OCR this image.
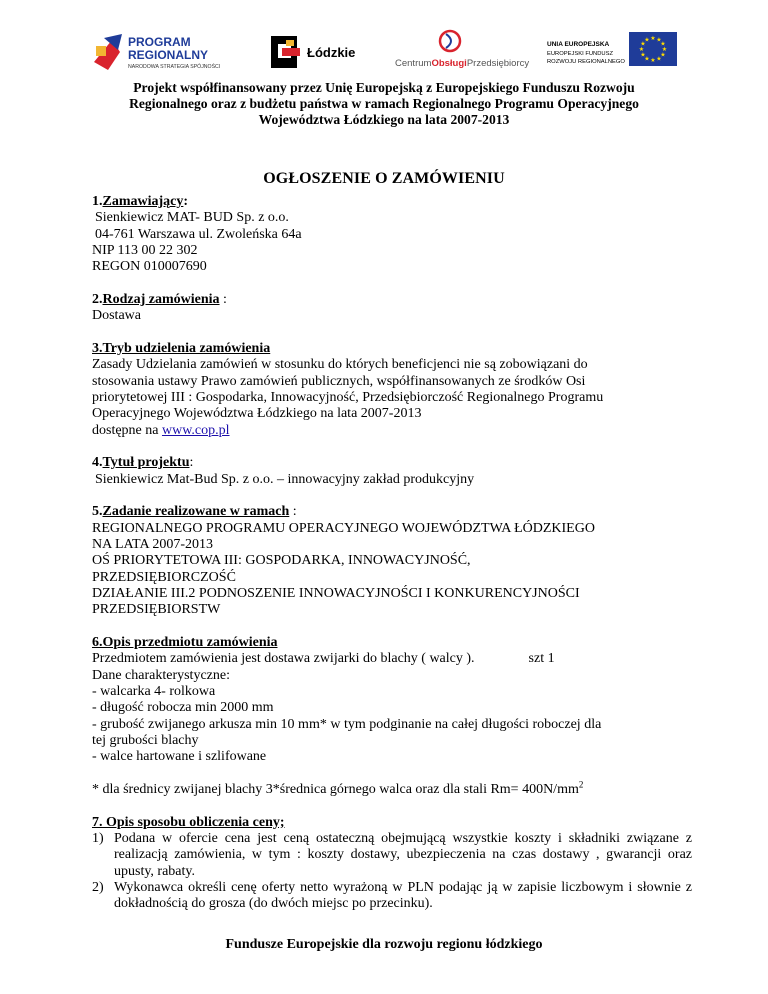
PROGRAM
REGIONALNY
NARODOWA STRATEGIA SPÓJNOŚCI
Łódzkie
CentrumObsługiPrzedsiębiorcy
UNIA EUROPEJSKA
EUROPEJSKI FUNDUSZ
ROZWOJU REGIONALNEGO
★ ★
★
★
★
★
★
★
★
★
★
★
Projekt współfinansowany przez Unię Europejską z Europejskiego Funduszu Rozwoju
Regionalnego oraz z budżetu państwa w ramach Regionalnego Programu Operacyjnego
Województwa Łódzkiego na lata 2007-2013
OGŁOSZENIE O ZAMÓWIENIU
1.Zamawiający:
Sienkiewicz MAT- BUD Sp. z o.o.
04-761 Warszawa ul. Zwoleńska 64a
NIP 113 00 22 302
REGON 010007690
2.Rodzaj zamówienia :
Dostawa
3.Tryb udzielenia zamówienia
Zasady Udzielania zamówień w stosunku do których beneficjenci nie są zobowiązani do
stosowania ustawy Prawo zamówień publicznych, współfinansowanych ze środków Osi
priorytetowej III : Gospodarka, Innowacyjność, Przedsiębiorczość Regionalnego Programu
Operacyjnego Województwa Łódzkiego na lata 2007-2013
dostępne na www.cop.pl
4.Tytuł projektu:
Sienkiewicz Mat-Bud Sp. z o.o. – innowacyjny zakład produkcyjny
5.Zadanie realizowane w ramach :
REGIONALNEGO PROGRAMU OPERACYJNEGO WOJEWÓDZTWA ŁÓDZKIEGO
NA LATA 2007-2013
OŚ PRIORYTETOWA III: GOSPODARKA, INNOWACYJNOŚĆ,
PRZEDSIĘBIORCZOŚĆ
DZIAŁANIE III.2 PODNOSZENIE INNOWACYJNOŚCI I KONKURENCYJNOŚCI
PRZEDSIĘBIORSTW
6.Opis przedmiotu zamówienia
Przedmiotem zamówienia jest dostawa zwijarki do blachy ( walcy ).	szt 1
Dane charakterystyczne:
- walcarka 4- rolkowa
- długość robocza min 2000 mm
- grubość zwijanego arkusza min 10 mm* w tym podginanie na całej długości roboczej dla
tej grubości blachy
- walce hartowane i szlifowane
* dla średnicy zwijanej blachy 3*średnica górnego walca oraz dla stali $Rm= 400N/mm^2$
7. Opis sposobu obliczenia ceny;
1) Podana w ofercie cena jest ceną ostateczną obejmującą wszystkie koszty i składniki związane z realizacją zamówienia, w tym : koszty dostawy, ubezpieczenia na czas dostawy , gwarancji oraz upusty, rabaty.
2) Wykonawca określi cenę oferty netto wyrażoną w PLN podając ją w zapisie liczbowym i słownie z dokładnością do grosza (do dwóch miejsc po przecinku).
Fundusze Europejskie dla rozwoju regionu łódzkiego
